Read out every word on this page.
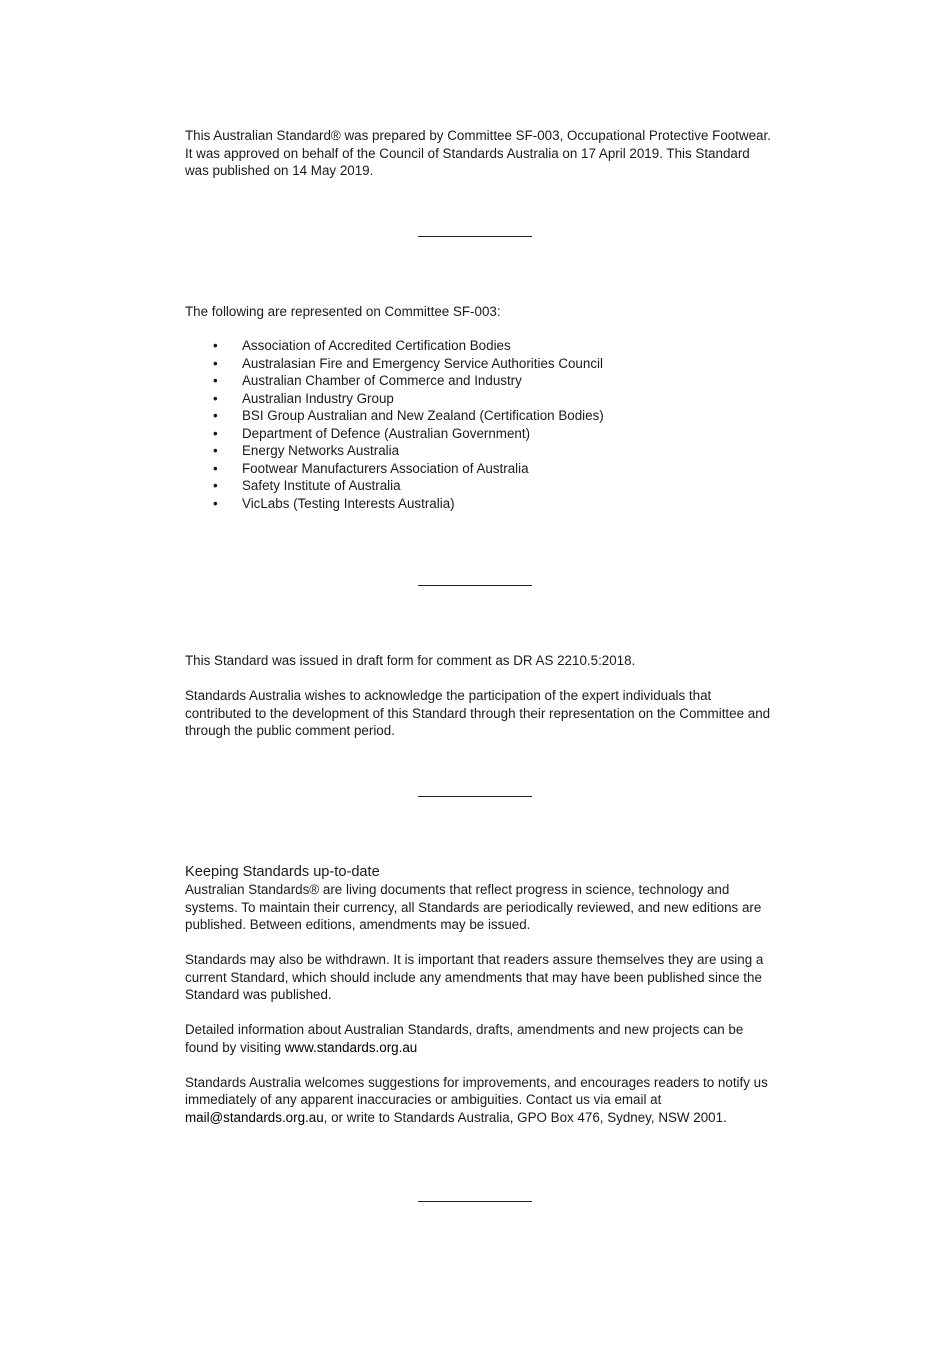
This Australian Standard® was prepared by Committee SF-003, Occupational Protective Footwear. It was approved on behalf of the Council of Standards Australia on 17 April 2019. This Standard was published on 14 May 2019.

The following are represented on Committee SF-003:

• Association of Accredited Certification Bodies
• Australasian Fire and Emergency Service Authorities Council
• Australian Chamber of Commerce and Industry
• Australian Industry Group
• BSI Group Australian and New Zealand (Certification Bodies)
• Department of Defence (Australian Government)
• Energy Networks Australia
• Footwear Manufacturers Association of Australia
• Safety Institute of Australia
• VicLabs (Testing Interests Australia)

This Standard was issued in draft form for comment as DR AS 2210.5:2018.

Standards Australia wishes to acknowledge the participation of the expert individuals that contributed to the development of this Standard through their representation on the Committee and through the public comment period.

Keeping Standards up-to-date

Australian Standards® are living documents that reflect progress in science, technology and systems. To maintain their currency, all Standards are periodically reviewed, and new editions are published. Between editions, amendments may be issued.

Standards may also be withdrawn. It is important that readers assure themselves they are using a current Standard, which should include any amendments that may have been published since the Standard was published.

Detailed information about Australian Standards, drafts, amendments and new projects can be found by visiting www.standards.org.au

Standards Australia welcomes suggestions for improvements, and encourages readers to notify us immediately of any apparent inaccuracies or ambiguities. Contact us via email at mail@standards.org.au, or write to Standards Australia, GPO Box 476, Sydney, NSW 2001.
